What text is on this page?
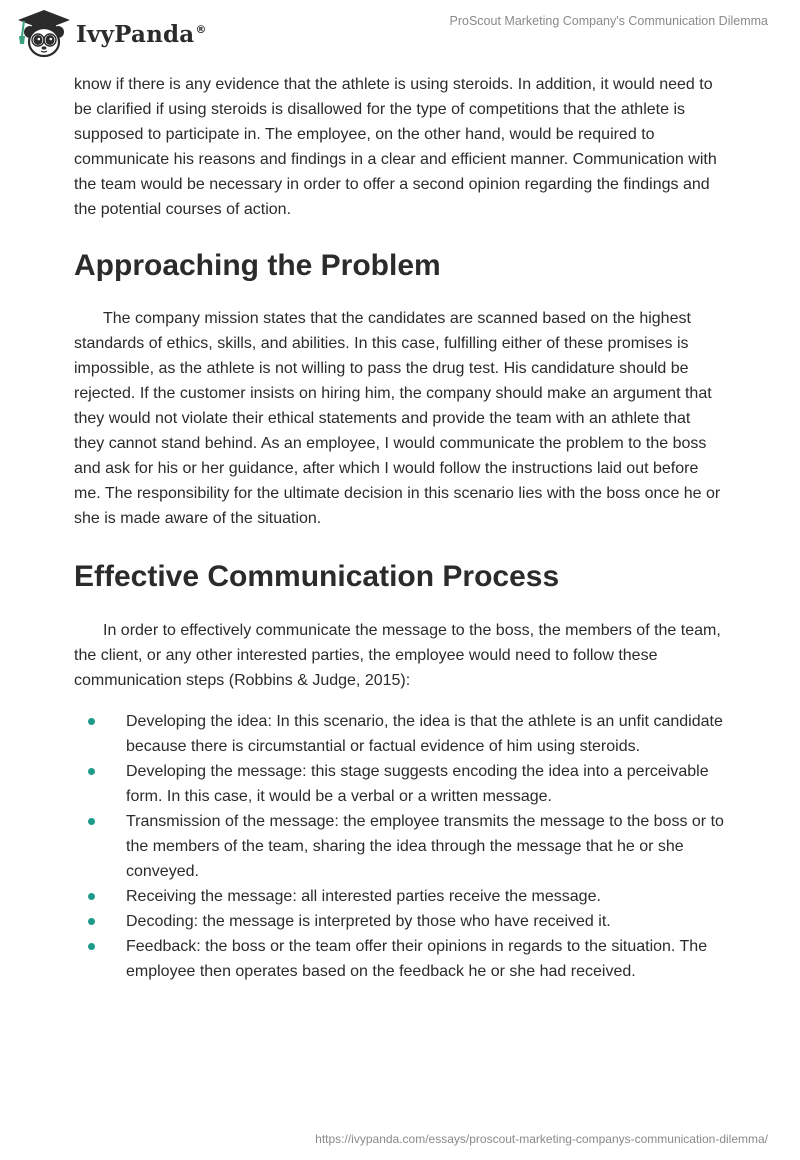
IvyPanda®
ProScout Marketing Company's Communication Dilemma

know if there is any evidence that the athlete is using steroids. In addition, it would need to be clarified if using steroids is disallowed for the type of competitions that the athlete is supposed to participate in. The employee, on the other hand, would be required to communicate his reasons and findings in a clear and efficient manner. Communication with the team would be necessary in order to offer a second opinion regarding the findings and the potential courses of action.

Approaching the Problem

The company mission states that the candidates are scanned based on the highest standards of ethics, skills, and abilities. In this case, fulfilling either of these promises is impossible, as the athlete is not willing to pass the drug test. His candidature should be rejected. If the customer insists on hiring him, the company should make an argument that they would not violate their ethical statements and provide the team with an athlete that they cannot stand behind. As an employee, I would communicate the problem to the boss and ask for his or her guidance, after which I would follow the instructions laid out before me. The responsibility for the ultimate decision in this scenario lies with the boss once he or she is made aware of the situation.

Effective Communication Process

In order to effectively communicate the message to the boss, the members of the team, the client, or any other interested parties, the employee would need to follow these communication steps (Robbins & Judge, 2015):

Developing the idea: In this scenario, the idea is that the athlete is an unfit candidate because there is circumstantial or factual evidence of him using steroids.
Developing the message: this stage suggests encoding the idea into a perceivable form. In this case, it would be a verbal or a written message.
Transmission of the message: the employee transmits the message to the boss or to the members of the team, sharing the idea through the message that he or she conveyed.
Receiving the message: all interested parties receive the message.
Decoding: the message is interpreted by those who have received it.
Feedback: the boss or the team offer their opinions in regards to the situation. The employee then operates based on the feedback he or she had received.
https://ivypanda.com/essays/proscout-marketing-companys-communication-dilemma/
